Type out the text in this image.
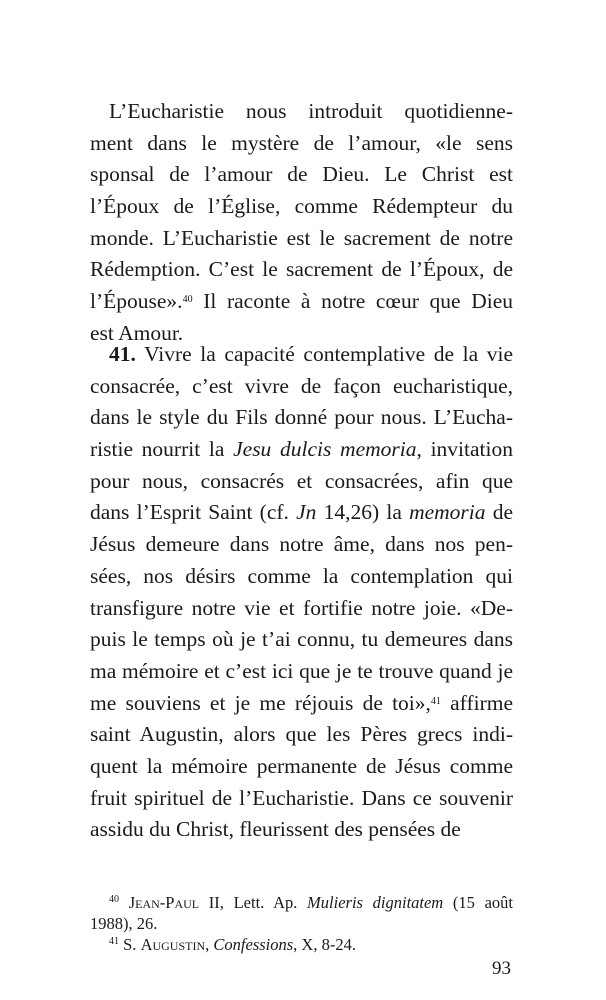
L’Eucharistie nous introduit quotidienne-
ment dans le mystère de l’amour, «le sens
sponsal de l’amour de Dieu. Le Christ est
l’Époux de l’Église, comme Rédempteur du
monde. L’Eucharistie est le sacrement de notre
Rédemption. C’est le sacrement de l’Époux, de
l’Épouse».$^{40}$ Il raconte à notre cœur que Dieu
est Amour.
41. Vivre la capacité contemplative de la vie
consacrée, c’est vivre de façon eucharistique,
dans le style du Fils donné pour nous. L’Eucha-
ristie nourrit la Jesu dulcis memoria, invitation
pour nous, consacrés et consacrées, afin que
dans l’Esprit Saint (cf. Jn 14,26) la memoria de
Jésus demeure dans notre âme, dans nos pen-
sées, nos désirs comme la contemplation qui
transfigure notre vie et fortifie notre joie. «De-
puis le temps où je t’ai connu, tu demeures dans
ma mémoire et c’est ici que je te trouve quand je
me souviens et je me réjouis de toi»,$^{41}$ affirme
saint Augustin, alors que les Pères grecs indi-
quent la mémoire permanente de Jésus comme
fruit spirituel de l’Eucharistie. Dans ce souvenir
assidu du Christ, fleurissent des pensées de
$^{40}$ Jean-Paul II, Lett. Ap. Mulieris dignitatem (15 août
1988), 26.
$^{41}$ S. Augustin, Confessions, X, 8-24.
93
